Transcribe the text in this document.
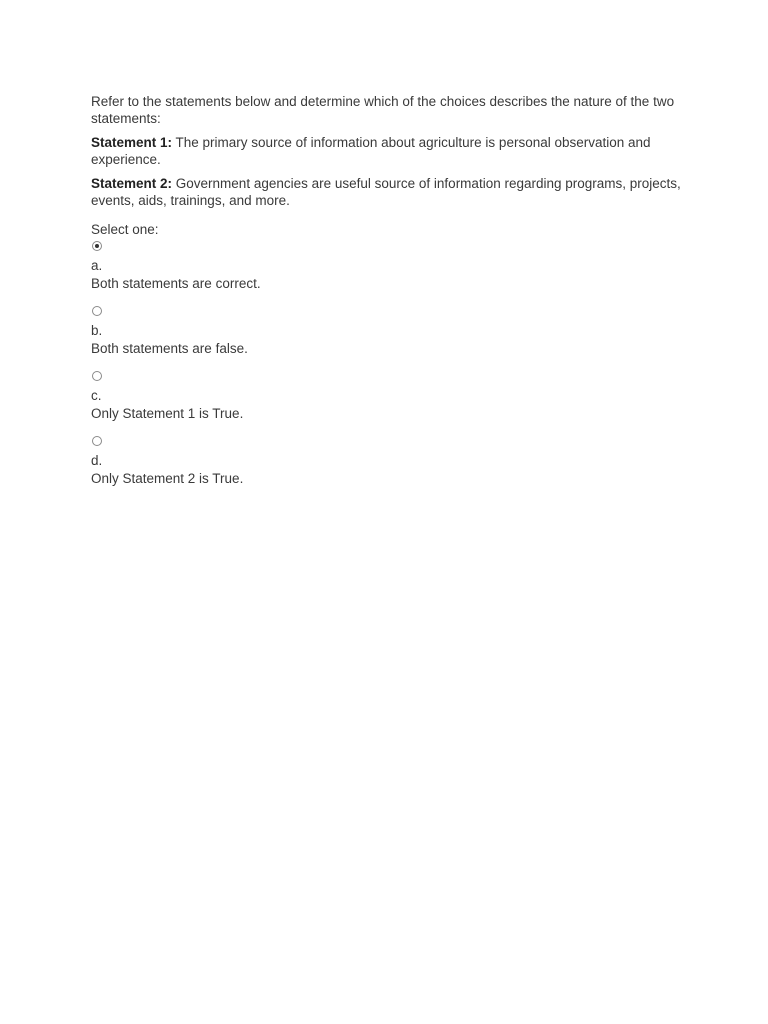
Refer to the statements below and determine which of the choices describes the nature of the two statements:
Statement 1: The primary source of information about agriculture is personal observation and experience.
Statement 2: Government agencies are useful source of information regarding programs, projects, events, aids, trainings, and more.
Select one:
a.
Both statements are correct.
b.
Both statements are false.
c.
Only Statement 1 is True.
d.
Only Statement 2 is True.
